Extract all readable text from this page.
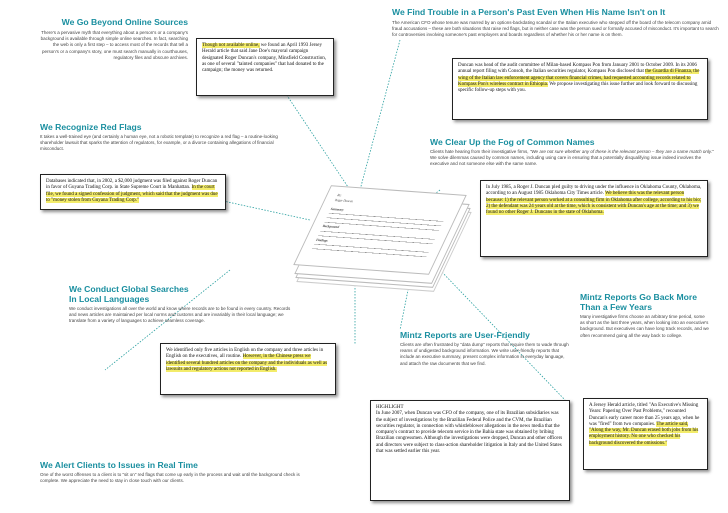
Re:
Roger Duncan

Summary
Background
Findings
We Go Beyond Online Sources
There's a pervasive myth that everything about a person's or a company's background is available through simple online searches. In fact, searching the web is only a first step – to access most of the records that tell a person's or a company's story, one must search manually in courthouses, regulatory files and obscure archives.
Though not available online, we found an April 1993 Jersey Herald article that said Jane Doe's mayoral campaign designated Roger Duncan's company, Minsfield Construction, as one of several "tainted companies" that had donated to the campaign; the money was returned.
We Find Trouble in a Person's Past Even When His Name Isn't on It
The American CFO whose tenure was marred by an options-backdating scandal or the Italian executive who stepped off the board of the telecom company amid fraud accusations – these are both situations that raise red flags, but in neither case was the person sued or formally accused of misconduct. It's important to search for controversies involving someone's past employers and boards regardless of whether his or her name is on them.
Duncan was head of the audit committee of Milan-based Kompass Pon from January 2001 to October 2009. In its 2006 annual report filing with Consob, the Italian securities regulator, Kompass Pon disclosed that the Guardia di Finanza, the wing of the Italian law enforcement agency that covers financial crimes, had requested accounting records related to Kompass Pon's wireless contract in Ethiopia. We propose investigating this issue further and look forward to discussing specific follow-up steps with you.
We Recognize Red Flags
It takes a well-trained eye (and certainly a human eye, not a robotic template) to recognize a red flag – a routine-looking shareholder lawsuit that sparks the attention of regulators, for example, or a divorce containing allegations of financial misconduct.
Databases indicated that, in 2002, a $2,000 judgment was filed against Roger Duncan in favor of Guyana Trading Corp. in State Supreme Court in Manhattan. In the court file, we found a signed confession of judgment, which said that the judgment was due to "money stolen from Guyana Trading Corp."
We Clear Up the Fog of Common Names
Clients hate hearing from their investigative firms, "We are not sure whether any of these is the relevant person – they are a name match only." We solve dilemmas caused by common names, including using care in ensuring that a potentially disqualifying issue indeed involves the executive and not someone else with the same name.
In July 1985, a Roger J. Duncan pled guilty to driving under the influence in Oklahoma County, Oklahoma, according to an August 1985 Oklahoma City Times article. We believe this was the relevant person because: 1) the relevant person worked at a consulting firm in Oklahoma after college, according to his bio; 2) the defendant was 24 years old at the time, which is consistent with Duncan's age at the time; and 3) we found no other Roger J. Duncans in the state of Oklahoma.
We Conduct Global Searches
In Local Languages
We conduct investigations all over the world and know where records are to be found in every country. Records and news articles are maintained per local norms and customs and are invariably in their local language; we translate from a variety of languages to achieve seamless coverage.
We identified only five articles in English on the company and three articles in English on the executives, all routine. However, in the Chinese press we identified several hundred articles on the company and the individuals as well as lawsuits and regulatory actions not reported in English.
Mintz Reports are User-Friendly
Clients are often frustrated by "data dump" reports that require them to wade through reams of undigested background information. We write user-friendly reports that include an executive summary, present complex information in everyday language, and attach the raw documents that we find.
HIGHLIGHT
In June 2007, when Duncan was CFO of the company, one of its Brazilian subsidiaries was the subject of investigations by the Brazilian Federal Police and the CVM, the Brazilian securities regulator, in connection with whistleblower allegations in the news media that the company's contract to provide telecom service in the Bahia state was obtained by bribing Brazilian congressmen. Although the investigations were dropped, Duncan and other officers and directors were subject to class-action shareholder litigation in Italy and the United States that was settled earlier this year.
Mintz Reports Go Back More
Than a Few Years
Many investigative firms choose an arbitrary time period, some as short as the last three years, when looking into an executive's background. But executives can have long track records, and we often recommend going all the way back to college.
A Jersey Herald article, titled "An Executive's Missing Years: Papering Over Past Problems," recounted Duncan's early career more than 25 years ago, when he was "fired" from two companies. The article said, "Along the way, Mr. Duncan erased both jobs from his employment history. No one who checked his background discovered the omissions."
We Alert Clients to Issues in Real Time
One of the worst offenses to a client is to "sit on" red flags that come up early in the process and wait until the background check is complete. We appreciate the need to stay in close touch with our clients.
